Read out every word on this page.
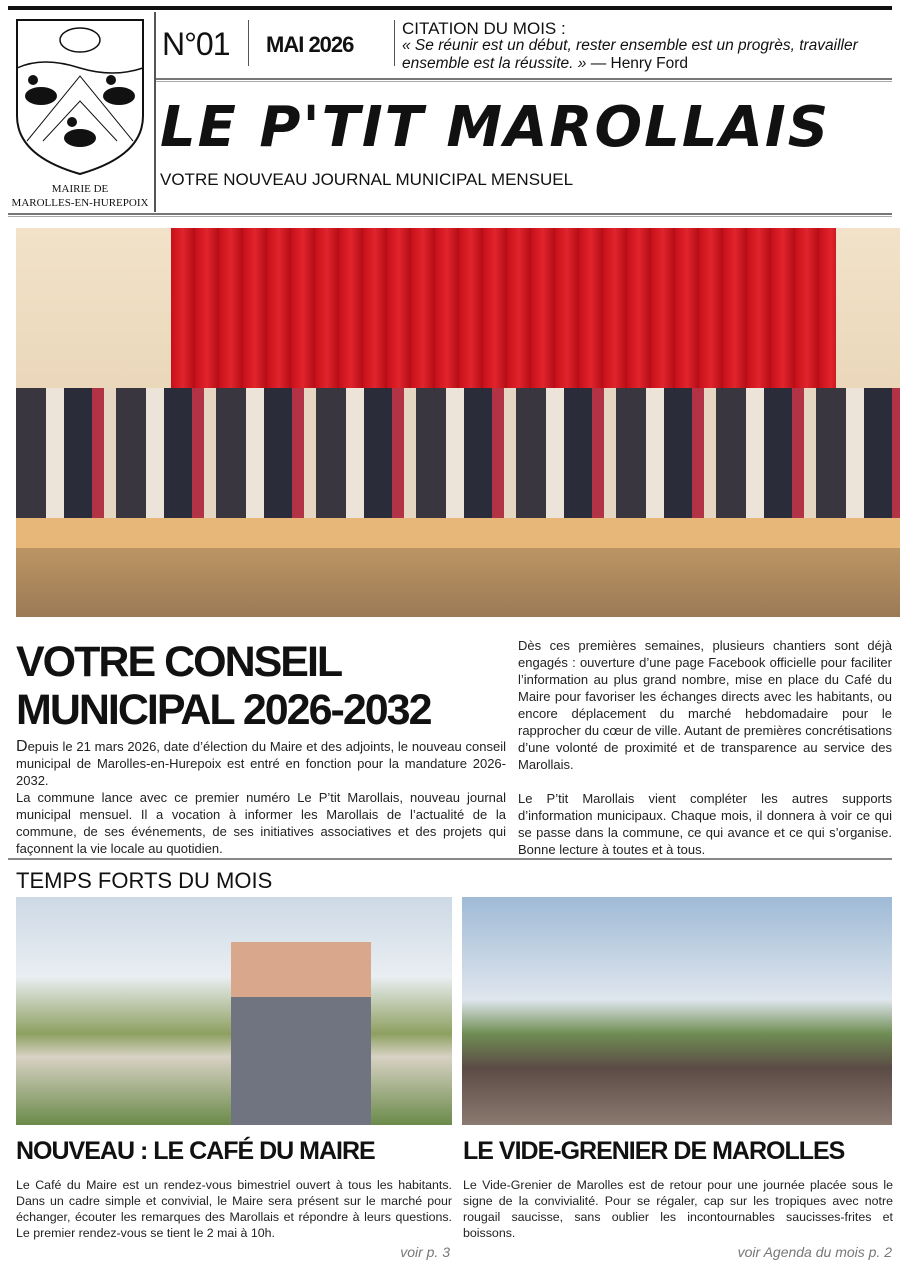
MAIRIE DE
MAROLLES-EN-HUREPOIX
N°01 MAI 2026
CITATION DU MOIS :
« Se réunir est un début, rester ensemble est un progrès, travailler ensemble est la réussite. » — Henry Ford
LE P'TIT MAROLLAIS
VOTRE NOUVEAU JOURNAL MUNICIPAL MENSUEL
VOTRE CONSEIL MUNICIPAL 2026-2032

Depuis le 21 mars 2026, date d’élection du Maire et des adjoints, le nouveau conseil municipal de Marolles-en-Hurepoix est entré en fonction pour la mandature 2026-2032.

La commune lance avec ce premier numéro Le P’tit Marollais, nouveau journal municipal mensuel. Il a vocation à informer les Marollais de l’actualité de la commune, de ses événements, de ses initiatives associatives et des projets qui façonnent la vie locale au quotidien.

Dès ces premières semaines, plusieurs chantiers sont déjà engagés : ouverture d’une page Facebook officielle pour faciliter l’information au plus grand nombre, mise en place du Café du Maire pour favoriser les échanges directs avec les habitants, ou encore déplacement du marché hebdomadaire pour le rapprocher du cœur de ville. Autant de premières concrétisations d’une volonté de proximité et de transparence au service des Marollais.

Le P’tit Marollais vient compléter les autres supports d’information municipaux. Chaque mois, il donnera à voir ce qui se passe dans la commune, ce qui avance et ce qui s’organise. Bonne lecture à toutes et à tous.

TEMPS FORTS DU MOIS
NOUVEAU : LE CAFÉ DU MAIRE	LE VIDE-GRENIER DE MAROLLES
Le Café du Maire est un rendez-vous bimestriel ouvert à tous les habitants. Dans un cadre simple et convivial, le Maire sera présent sur le marché pour échanger, écouter les remarques des Marollais et répondre à leurs questions. Le premier rendez-vous se tient le 2 mai à 10h.
Le Vide-Grenier de Marolles est de retour pour une journée placée sous le signe de la convivialité. Pour se régaler, cap sur les tropiques avec notre rougail saucisse, sans oublier les incontournables saucisses-frites et boissons.
voir p. 3	voir Agenda du mois p. 2
